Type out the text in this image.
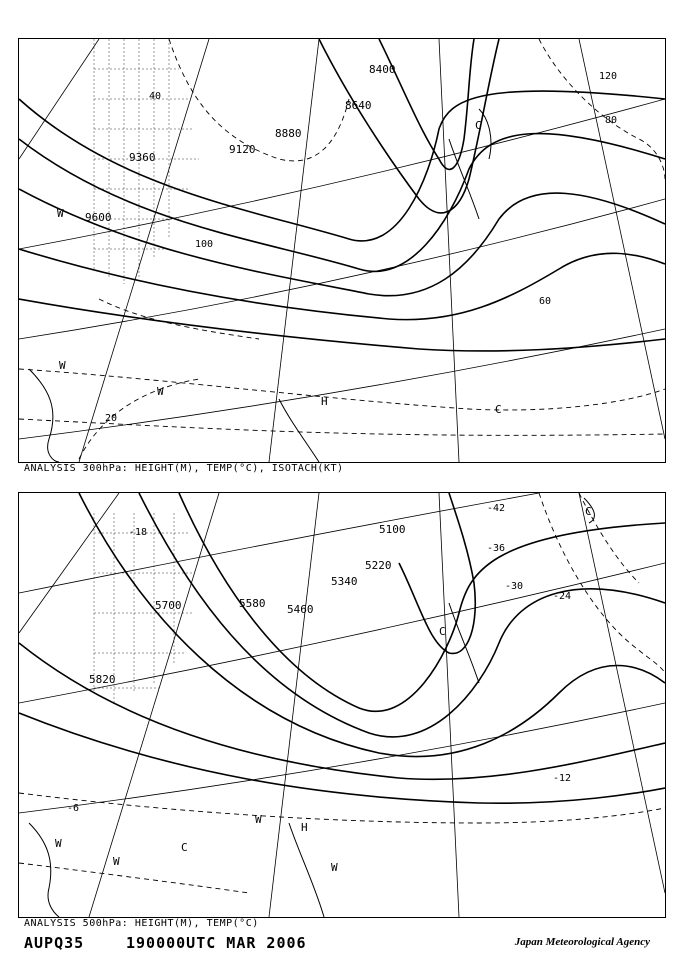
9120
9360
9600
8400
8640
8880
40
60
80
100
120
20
C
W
W
W
H
C
ANALYSIS 300hPa: HEIGHT(M), TEMP(°C), ISOTACH(KT)
5100
5220
5340
5460
5580
5700
5820
-42
-36
-30
-24
-18
-12
-6
C
C
W
W
C
W
H
W
ANALYSIS 500hPa: HEIGHT(M), TEMP(°C)
AUPQ35	190000UTC MAR 2006	Japan Meteorological Agency
